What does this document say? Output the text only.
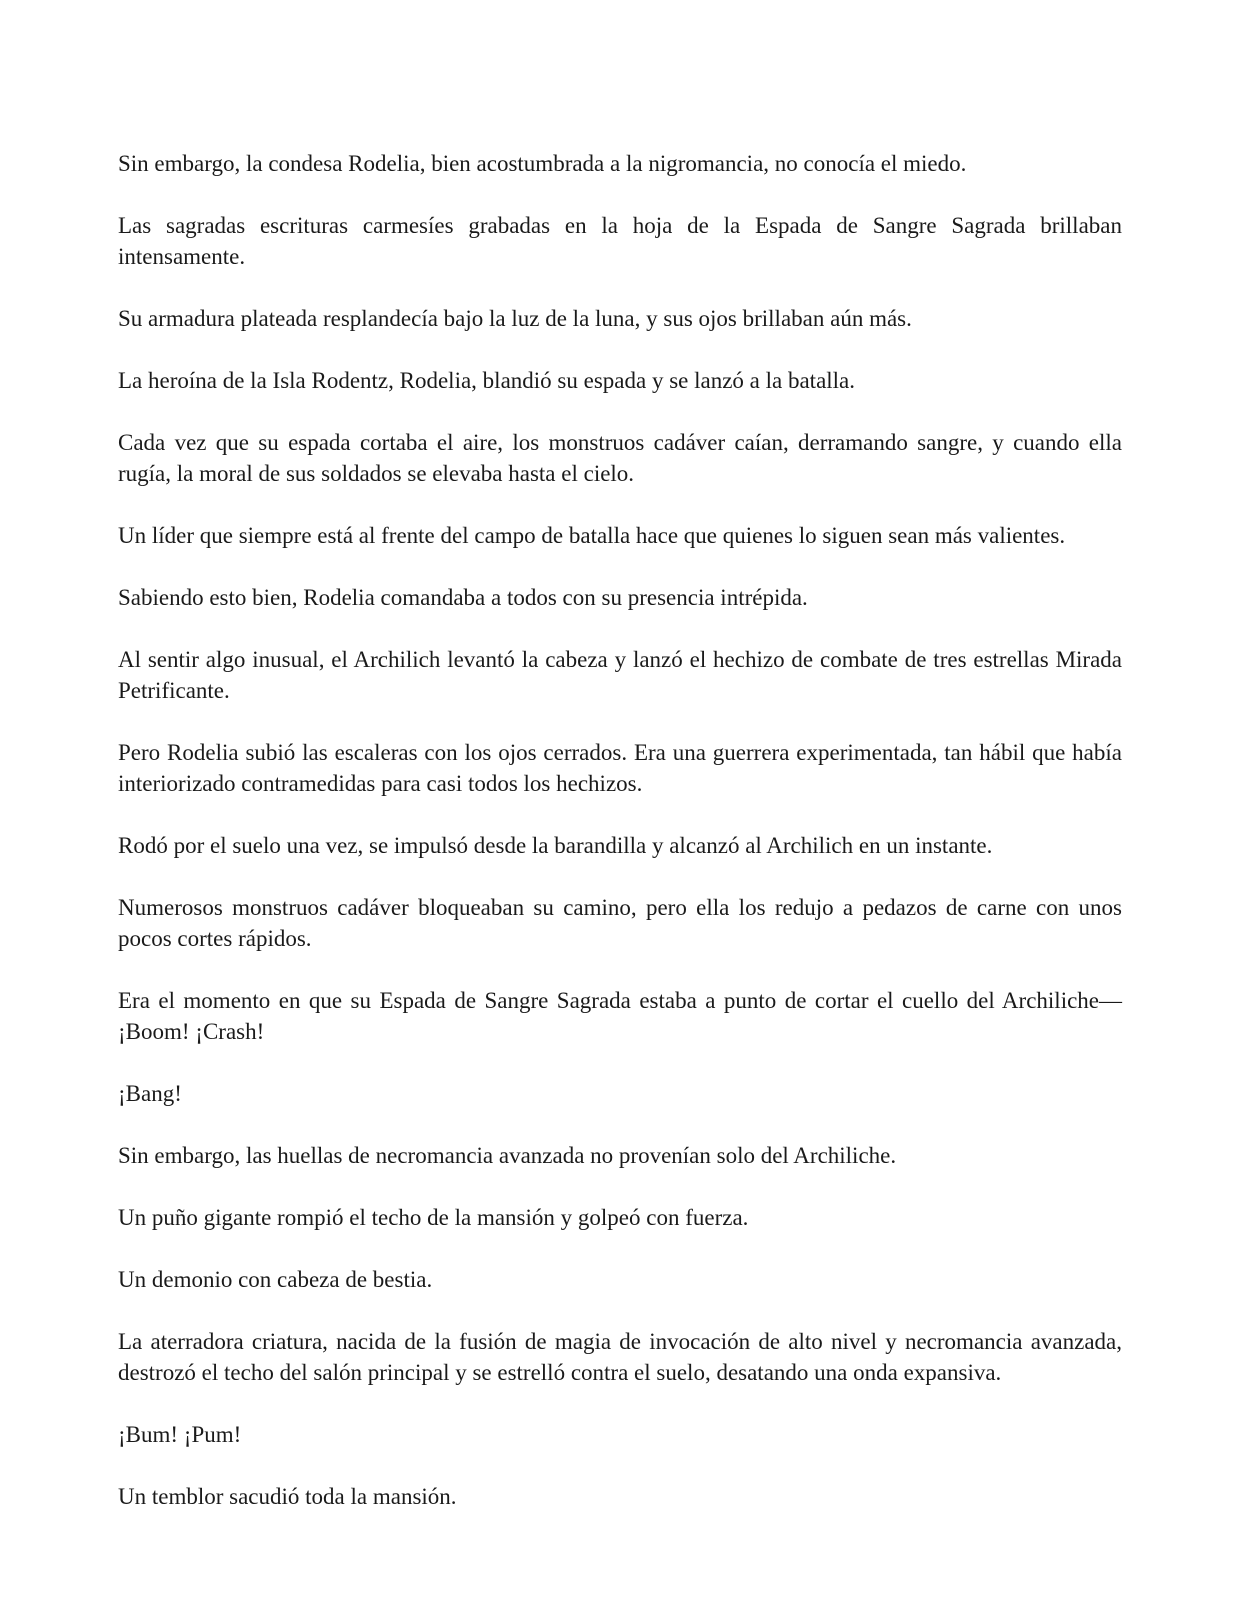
Sin embargo, la condesa Rodelia, bien acostumbrada a la nigromancia, no conocía el miedo.

Las sagradas escrituras carmesíes grabadas en la hoja de la Espada de Sangre Sagrada brillaban intensamente.

Su armadura plateada resplandecía bajo la luz de la luna, y sus ojos brillaban aún más.

La heroína de la Isla Rodentz, Rodelia, blandió su espada y se lanzó a la batalla.

Cada vez que su espada cortaba el aire, los monstruos cadáver caían, derramando sangre, y cuando ella rugía, la moral de sus soldados se elevaba hasta el cielo.

Un líder que siempre está al frente del campo de batalla hace que quienes lo siguen sean más valientes.

Sabiendo esto bien, Rodelia comandaba a todos con su presencia intrépida.

Al sentir algo inusual, el Archilich levantó la cabeza y lanzó el hechizo de combate de tres estrellas Mirada Petrificante.

Pero Rodelia subió las escaleras con los ojos cerrados. Era una guerrera experimentada, tan hábil que había interiorizado contramedidas para casi todos los hechizos.

Rodó por el suelo una vez, se impulsó desde la barandilla y alcanzó al Archilich en un instante.

Numerosos monstruos cadáver bloqueaban su camino, pero ella los redujo a pedazos de carne con unos pocos cortes rápidos.

Era el momento en que su Espada de Sangre Sagrada estaba a punto de cortar el cuello del Archiliche— ¡Boom! ¡Crash!

¡Bang!

Sin embargo, las huellas de necromancia avanzada no provenían solo del Archiliche.

Un puño gigante rompió el techo de la mansión y golpeó con fuerza.

Un demonio con cabeza de bestia.

La aterradora criatura, nacida de la fusión de magia de invocación de alto nivel y necromancia avanzada, destrozó el techo del salón principal y se estrelló contra el suelo, desatando una onda expansiva.

¡Bum! ¡Pum!

Un temblor sacudió toda la mansión.
